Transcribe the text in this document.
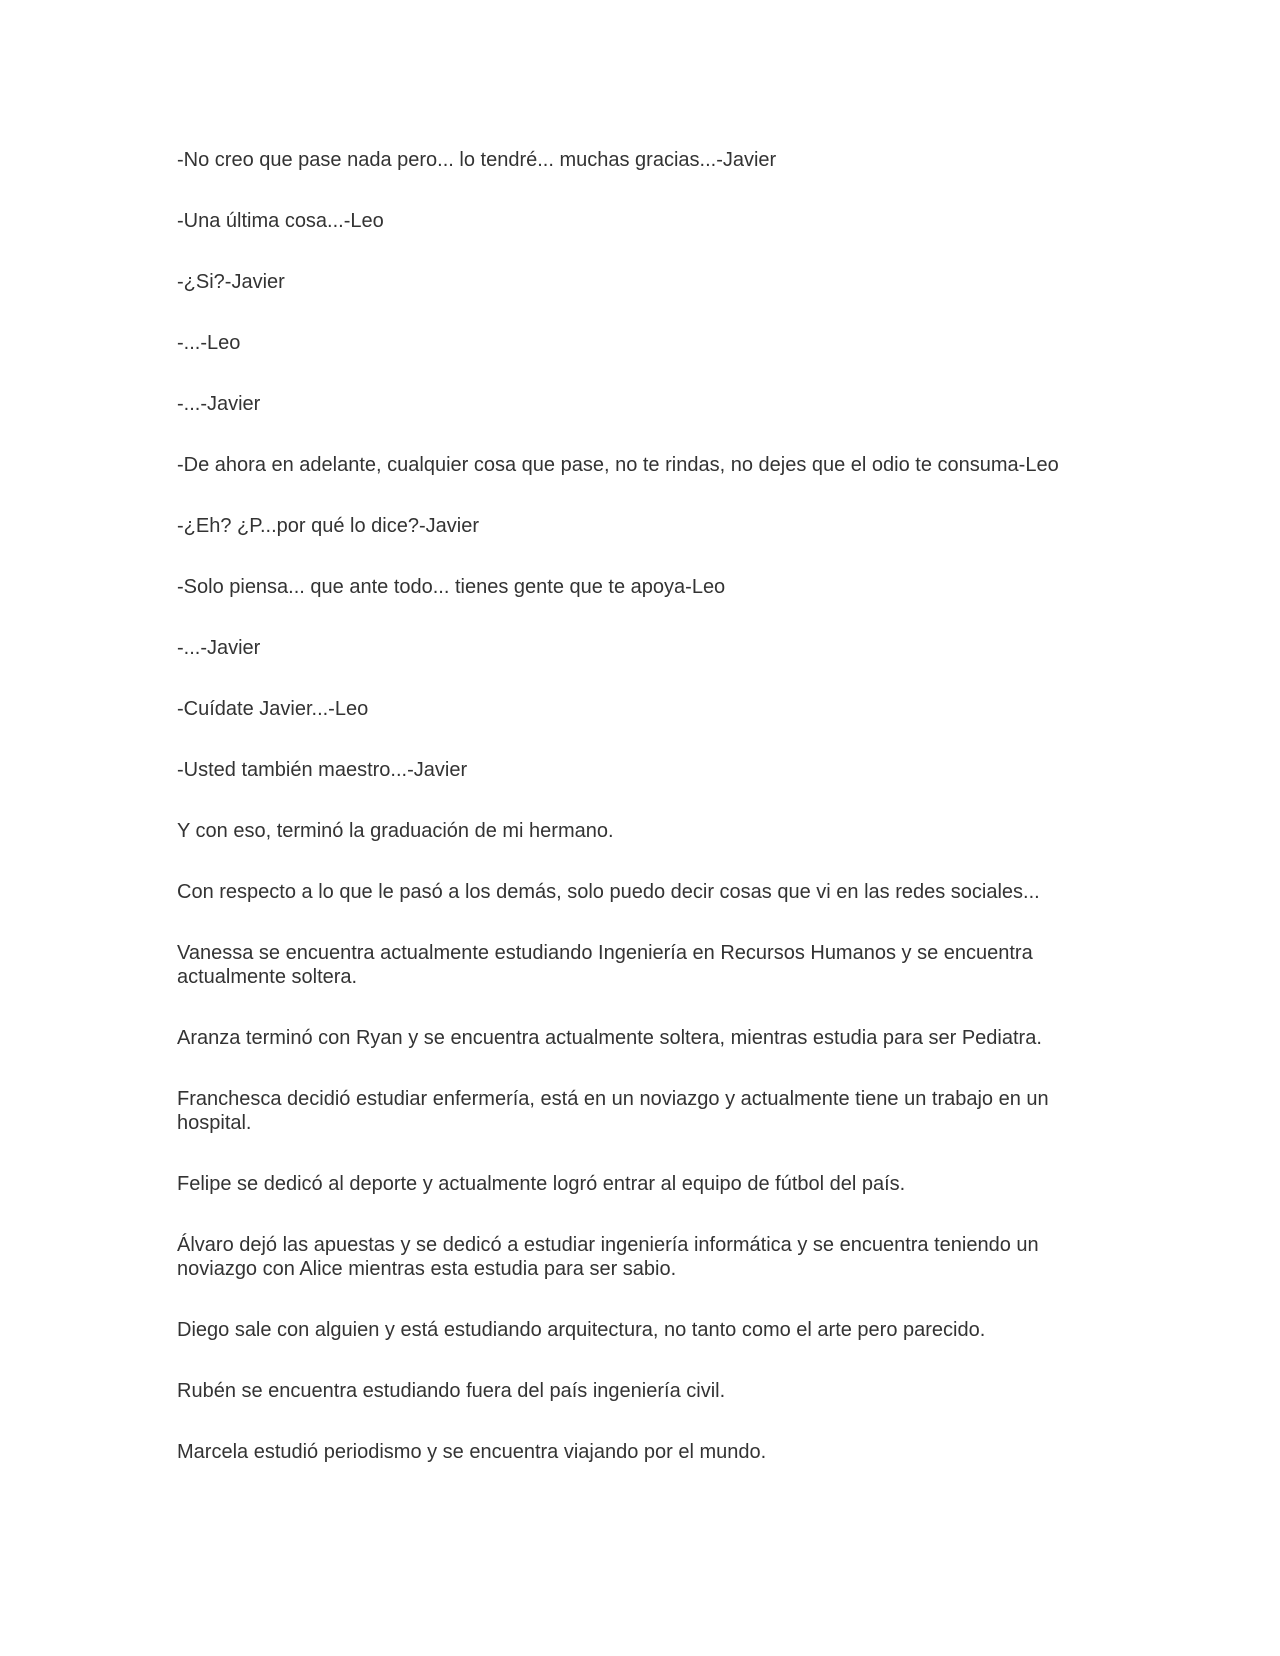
-No creo que pase nada pero... lo tendré... muchas gracias...-Javier

-Una última cosa...-Leo

-¿Si?-Javier

-...-Leo

-...-Javier

-De ahora en adelante, cualquier cosa que pase, no te rindas, no dejes que el odio te consuma-Leo

-¿Eh? ¿P...por qué lo dice?-Javier

-Solo piensa... que ante todo... tienes gente que te apoya-Leo

-...-Javier

-Cuídate Javier...-Leo

-Usted también maestro...-Javier

Y con eso, terminó la graduación de mi hermano.

Con respecto a lo que le pasó a los demás, solo puedo decir cosas que vi en las redes sociales...

Vanessa se encuentra actualmente estudiando Ingeniería en Recursos Humanos y se encuentra actualmente soltera.

Aranza terminó con Ryan y se encuentra actualmente soltera, mientras estudia para ser Pediatra.

Franchesca decidió estudiar enfermería, está en un noviazgo y actualmente tiene un trabajo en un hospital.

Felipe se dedicó al deporte y actualmente logró entrar al equipo de fútbol del país.

Álvaro dejó las apuestas y se dedicó a estudiar ingeniería informática y se encuentra teniendo un noviazgo con Alice mientras esta estudia para ser sabio.

Diego sale con alguien y está estudiando arquitectura, no tanto como el arte pero parecido.

Rubén se encuentra estudiando fuera del país ingeniería civil.

Marcela estudió periodismo y se encuentra viajando por el mundo.
